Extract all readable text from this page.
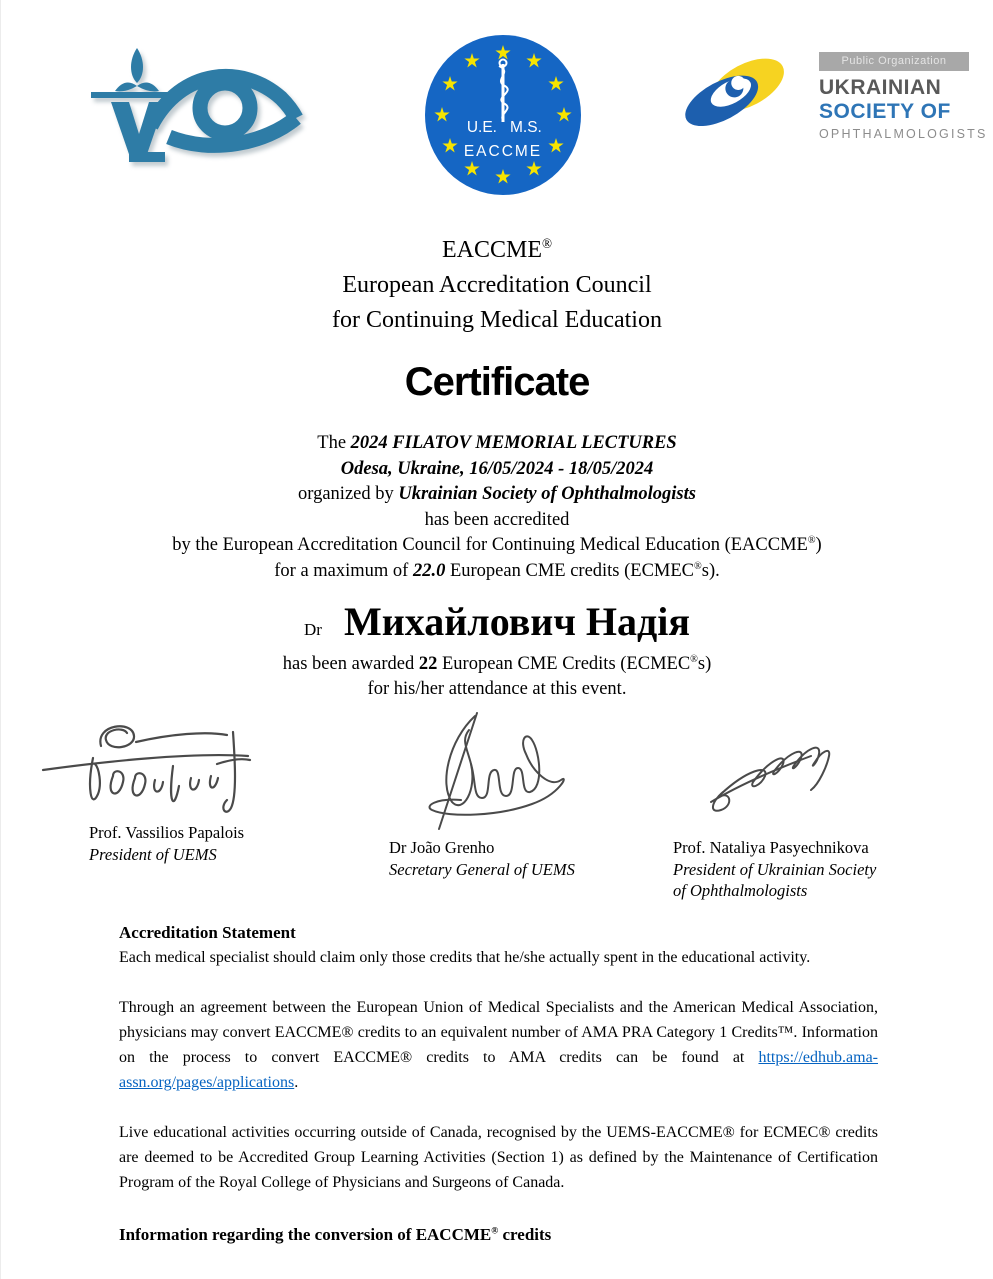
U.E. M.S.
EACCME
Public Organization
UKRAINIAN
SOCIETY OF
OPHTHALMOLOGISTS
EACCME®
European Accreditation Council
for Continuing Medical Education
Certificate
The 2024 FILATOV MEMORIAL LECTURES
Odesa, Ukraine, 16/05/2024 - 18/05/2024
organized by Ukrainian Society of Ophthalmologists
has been accredited
by the European Accreditation Council for Continuing Medical Education (EACCME®)
for a maximum of 22.0 European CME credits (ECMEC®s).
Dr Михайлович Надія
has been awarded 22 European CME Credits (ECMEC®s)
for his/her attendance at this event.
Prof. Vassilios Papalois
President of UEMS	Dr João Grenho
Secretary General of UEMS
Prof. Nataliya Pasyechnikova
President of Ukrainian Society of Ophthalmologists
Accreditation Statement

Each medical specialist should claim only those credits that he/she actually spent in the educational activity.

Through an agreement between the European Union of Medical Specialists and the American Medical Association, physicians may convert EACCME® credits to an equivalent number of AMA PRA Category 1 Credits™. Information on the process to convert EACCME® credits to AMA credits can be found at https://edhub.ama-assn.org/pages/applications.

Live educational activities occurring outside of Canada, recognised by the UEMS-EACCME® for ECMEC® credits are deemed to be Accredited Group Learning Activities (Section 1) as defined by the Maintenance of Certification Program of the Royal College of Physicians and Surgeons of Canada.

Information regarding the conversion of EACCME® credits
